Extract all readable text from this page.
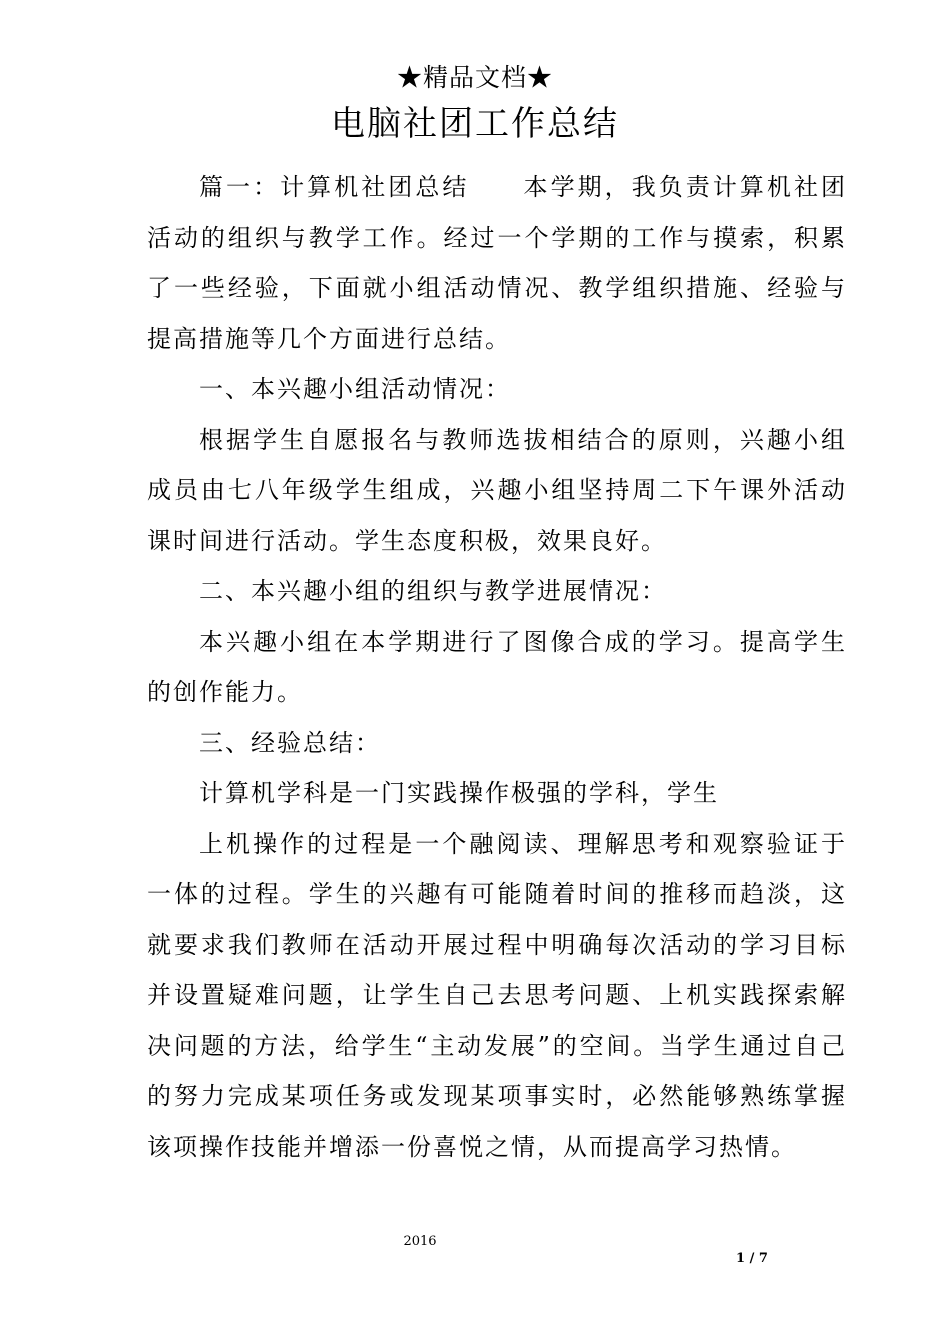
★精品文档★
电脑社团工作总结

篇一：计算机社团总结　　本学期，我负责计算机社团活动的组织与教学工作。经过一个学期的工作与摸索，积累了一些经验，下面就小组活动情况、教学组织措施、经验与提高措施等几个方面进行总结。

一、本兴趣小组活动情况：

根据学生自愿报名与教师选拔相结合的原则，兴趣小组成员由七八年级学生组成，兴趣小组坚持周二下午课外活动课时间进行活动。学生态度积极，效果良好。

二、本兴趣小组的组织与教学进展情况：

本兴趣小组在本学期进行了图像合成的学习。提高学生的创作能力。

三、经验总结：

计算机学科是一门实践操作极强的学科，学生

上机操作的过程是一个融阅读、理解思考和观察验证于一体的过程。学生的兴趣有可能随着时间的推移而趋淡，这就要求我们教师在活动开展过程中明确每次活动的学习目标并设置疑难问题，让学生自己去思考问题、上机实践探索解决问题的方法，给学生“主动发展”的空间。当学生通过自己的努力完成某项任务或发现某项事实时，必然能够熟练掌握该项操作技能并增添一份喜悦之情，从而提高学习热情。

2016
1 / 7
